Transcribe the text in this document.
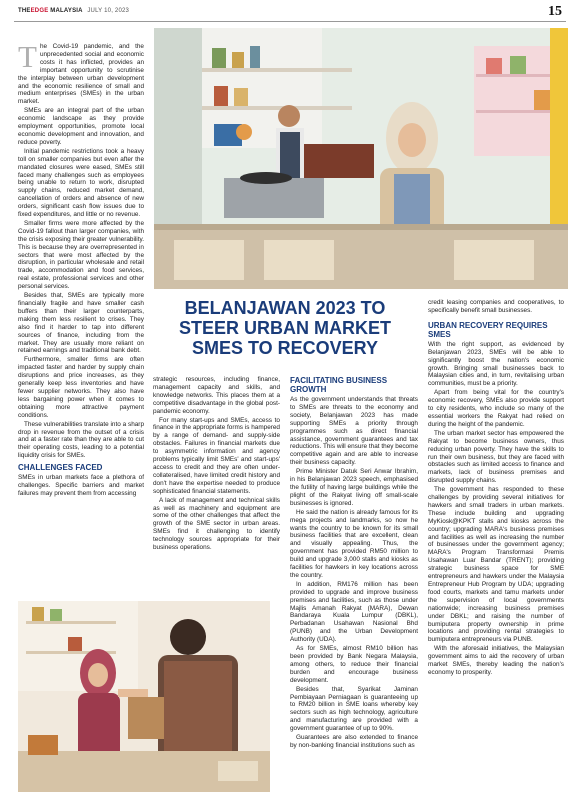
THEEDGE MALAYSIA JULY 10, 2023	15

The Covid-19 pandemic, and the unprecedented social and economic costs it has inflicted, provides an important opportunity to scrutinise the interplay between urban development and the economic resilience of small and medium enterprises (SMEs) in the urban market.

SMEs are an integral part of the urban economic landscape as they provide employment opportunities, promote local economic development and innovation, and reduce poverty.

Initial pandemic restrictions took a heavy toll on smaller companies but even after the mandated closures were eased, SMEs still faced many challenges such as employees being unable to return to work, disrupted supply chains, reduced market demand, cancellation of orders and absence of new orders, significant cash flow issues due to fixed expenditures, and little or no revenue.

Smaller firms were more affected by the Covid-19 fallout than larger companies, with the crisis exposing their greater vulnerability. This is because they are overrepresented in sectors that were most affected by the disruption, in particular wholesale and retail trade, accommodation and food services, real estate, professional services and other personal services.

Besides that, SMEs are typically more financially fragile and have smaller cash buffers than their larger counterparts, making them less resilient to crises. They also find it harder to tap into different sources of finance, including from the market. They are usually more reliant on retained earnings and traditional bank debt.

Furthermore, smaller firms are often impacted faster and harder by supply chain disruptions and price increases, as they generally keep less inventories and have fewer supplier networks. They also have less bargaining power when it comes to obtaining more attractive payment conditions.

These vulnerabilities translate into a sharp drop in revenue from the outset of a crisis and at a faster rate than they are able to cut their operating costs, leading to a potential liquidity crisis for SMEs.

CHALLENGES FACED

SMEs in urban markets face a plethora of challenges. Specific barriers and market failures may prevent them from accessing

BELANJAWAN 2023 TO
STEER URBAN MARKET
SMES TO RECOVERY

strategic resources, including finance, management capacity and skills, and knowledge networks. This places them at a competitive disadvantage in the global post-pandemic economy.

For many start-ups and SMEs, access to finance in the appropriate forms is hampered by a range of demand- and supply-side obstacles. Failures in financial markets due to asymmetric information and agency problems typically limit SMEs' and start-ups' access to credit and they are often under-collateralised, have limited credit history and don't have the expertise needed to produce sophisticated financial statements.

A lack of management and technical skills as well as machinery and equipment are some of the other challenges that affect the growth of the SME sector in urban areas. SMEs find it challenging to identify technology sources appropriate for their business operations.

FACILITATING BUSINESS GROWTH

As the government understands that threats to SMEs are threats to the economy and society, Belanjawan 2023 has made supporting SMEs a priority through programmes such as direct financial assistance, government guarantees and tax reductions. This will ensure that they become competitive again and are able to increase their business capacity.

Prime Minister Datuk Seri Anwar Ibrahim, in his Belanjawan 2023 speech, emphasised the futility of having large buildings while the plight of the Rakyat living off small-scale businesses is ignored.

He said the nation is already famous for its mega projects and landmarks, so now he wants the country to be known for its small business facilities that are excellent, clean and visually appealing. Thus, the government has provided RM50 million to build and upgrade 3,000 stalls and kiosks as facilities for hawkers in key locations across the country.

In addition, RM176 million has been provided to upgrade and improve business premises and facilities, such as those under Majlis Amanah Rakyat (MARA), Dewan Bandaraya Kuala Lumpur (DBKL), Perbadanan Usahawan Nasional Bhd (PUNB) and the Urban Development Authority (UDA).

As for SMEs, almost RM10 billion has been provided by Bank Negara Malaysia, among others, to reduce their financial burden and encourage business development.

Besides that, Syarikat Jaminan Pembiayaan Perniagaan is guaranteeing up to RM20 billion in SME loans whereby key sectors such as high technology, agriculture and manufacturing are provided with a government guarantee of up to 90%.

Guarantees are also extended to finance by non-banking financial institutions such as

credit leasing companies and cooperatives, to specifically benefit small businesses.

URBAN RECOVERY REQUIRES SMES

With the right support, as evidenced by Belanjawan 2023, SMEs will be able to significantly boost the nation's economic growth. Bringing small businesses back to Malaysian cities and, in turn, revitalising urban communities, must be a priority.

Apart from being vital for the country's economic recovery, SMEs also provide support to city residents, who include so many of the essential workers the Rakyat had relied on during the height of the pandemic.

The urban market sector has empowered the Rakyat to become business owners, thus reducing urban poverty. They have the skills to run their own business, but they are faced with obstacles such as limited access to finance and markets, lack of business premises and disrupted supply chains.

The government has responded to these challenges by providing several initiatives for hawkers and small traders in urban markets. These include building and upgrading MyKiosk@KPKT stalls and kiosks across the country; upgrading MARA's business premises and facilities as well as increasing the number of businesses under the government agency; MARA's Program Transformasi Premis Usahawan Luar Bandar (TRENT); providing strategic business space for SME entrepreneurs and hawkers under the Malaysia Entrepreneur Hub Program by UDA; upgrading food courts, markets and tamu markets under the supervision of local governments nationwide; increasing business premises under DBKL; and raising the number of bumiputera property ownership in prime locations and providing rental strategies to bumiputera entrepreneurs via PUNB.

With the aforesaid initiatives, the Malaysian government aims to aid the recovery of urban market SMEs, thereby leading the nation's economy to prosperity.
